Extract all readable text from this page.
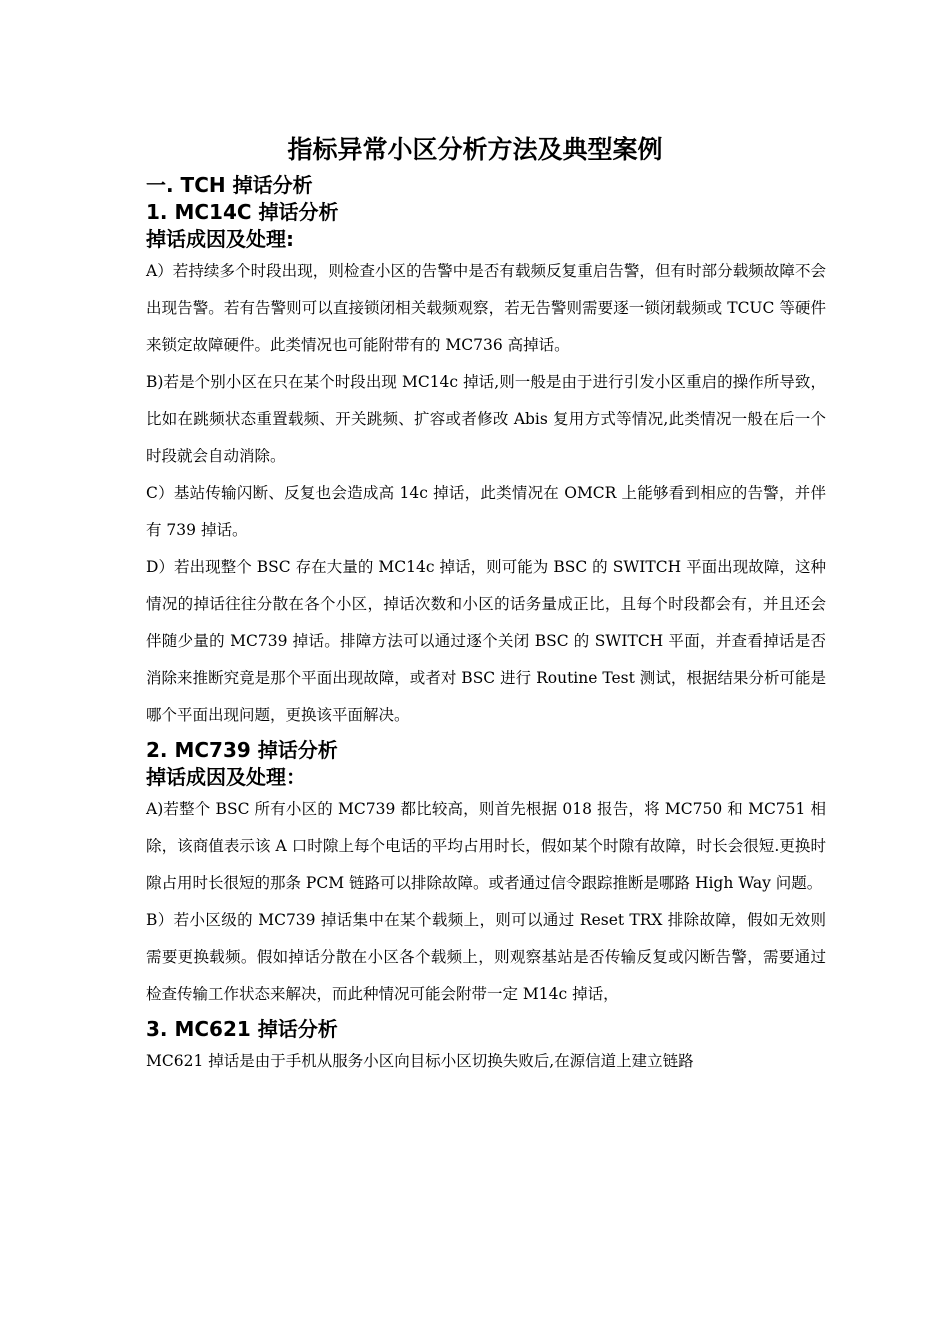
指标异常小区分析方法及典型案例
一. TCH 掉话分析
1. MC14C 掉话分析
掉话成因及处理:

A）若持续多个时段出现，则检查小区的告警中是否有载频反复重启告警，但有时部分载频故障不会出现告警。若有告警则可以直接锁闭相关载频观察，若无告警则需要逐一锁闭载频或 TCUC 等硬件来锁定故障硬件。此类情况也可能附带有的 MC736 高掉话。

B)若是个别小区在只在某个时段出现 MC14c 掉话,则一般是由于进行引发小区重启的操作所导致，比如在跳频状态重置载频、开关跳频、扩容或者修改 Abis 复用方式等情况,此类情况一般在后一个时段就会自动消除。

C）基站传输闪断、反复也会造成高 14c 掉话，此类情况在 OMCR 上能够看到相应的告警，并伴有 739 掉话。

D）若出现整个 BSC 存在大量的 MC14c 掉话，则可能为 BSC 的 SWITCH 平面出现故障，这种情况的掉话往往分散在各个小区，掉话次数和小区的话务量成正比，且每个时段都会有，并且还会伴随少量的 MC739 掉话。排障方法可以通过逐个关闭 BSC 的 SWITCH 平面，并查看掉话是否消除来推断究竟是那个平面出现故障，或者对 BSC 进行 Routine Test 测试，根据结果分析可能是哪个平面出现问题，更换该平面解决。

2. MC739 掉话分析
掉话成因及处理：

A)若整个 BSC 所有小区的 MC739 都比较高，则首先根据 018 报告，将 MC750 和 MC751 相除，该商值表示该 A 口时隙上每个电话的平均占用时长，假如某个时隙有故障，时长会很短.更换时隙占用时长很短的那条 PCM 链路可以排除故障。或者通过信令跟踪推断是哪路 High Way 问题。

B）若小区级的 MC739 掉话集中在某个载频上，则可以通过 Reset TRX 排除故障，假如无效则需要更换载频。假如掉话分散在小区各个载频上，则观察基站是否传输反复或闪断告警，需要通过检查传输工作状态来解决，而此种情况可能会附带一定 M14c 掉话，

3. MC621 掉话分析

MC621 掉话是由于手机从服务小区向目标小区切换失败后,在源信道上建立链路
